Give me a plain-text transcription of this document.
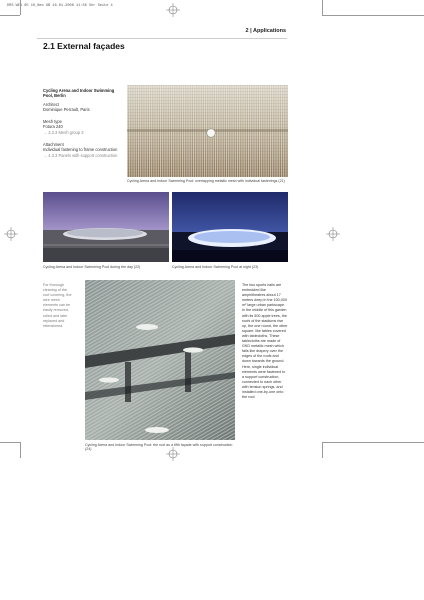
DRS WEA 65 10_Neo GB 16.01.2006 11:56 Uhr Seite 4
2 | Applications
2.1 External façades
Cycling Arena and Indoor Swimming Pool, Berlin
Architect
Dominique Perrault, Paris
Mesh type
Fotura 240
→ 3.3.3 Mesh group 3
Attachment
Individual fastening to frame construction
→ 4.3.3 Panels with support construction
Cycling Arena and Indoor Swimming Pool: overlapping metallic mesh with individual fastenings (21)
Cycling Arena and Indoor Swimming Pool during the day (22)	Cycling Arena and Indoor Swimming Pool at night (23)
For thorough cleaning of the roof covering, the wire mesh elements can be easily removed, rolled and later replaced and retensioned.
Cycling Arena and Indoor Swimming Pool: the roof as a fifth façade with support construction (24)
The two sports halls are embedded like amphitheatres about 17 meters deep in the 100,000 m² large urban parkscape. In the middle of this garden with its 500 apple trees, the roofs of the stadiums rise up, the one round, the other square, like tables covered with tablecloths. These tablecloths are made of GKD metallic mesh which falls like drapery over the edges of the roofs and down towards the ground. Here, single individual elements were fastened to a support construction, connected to each other with tension springs, and installed one-by-one onto the roof.
